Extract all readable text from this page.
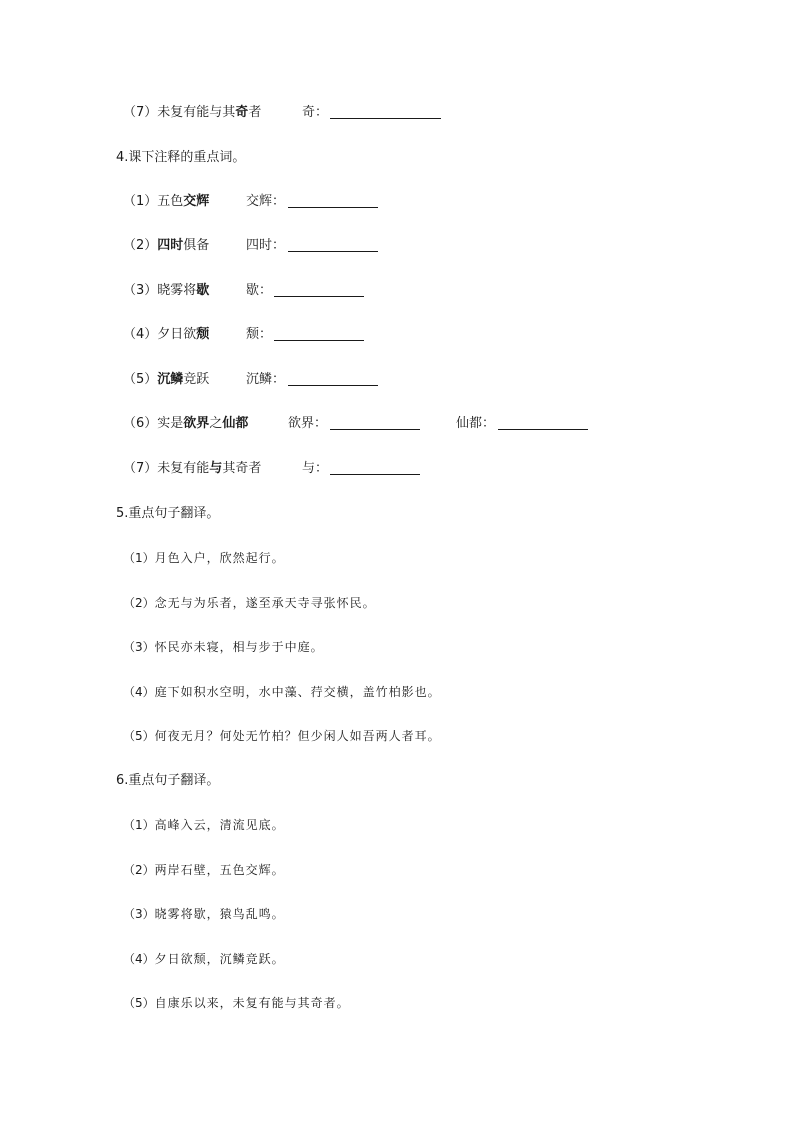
（7）未复有能与其奇者	奇：
4.课下注释的重点词。
（1）五色交辉	交辉：
（2）四时俱备	四时：
（3）晓雾将歇	歇：
（4）夕日欲颓	颓：
（5）沉鳞竞跃	沉鳞：
（6）实是欲界之仙都	欲界：	仙都：
（7）未复有能与其奇者	与：
5.重点句子翻译。
（1）月色入户，欣然起行。
（2）念无与为乐者，遂至承天寺寻张怀民。
（3）怀民亦未寝，相与步于中庭。
（4）庭下如积水空明，水中藻、荇交横，盖竹柏影也。
（5）何夜无月？何处无竹柏？但少闲人如吾两人者耳。
6.重点句子翻译。
（1）高峰入云，清流见底。
（2）两岸石壁，五色交辉。
（3）晓雾将歇，猿鸟乱鸣。
（4）夕日欲颓，沉鳞竞跃。
（5）自康乐以来，未复有能与其奇者。
